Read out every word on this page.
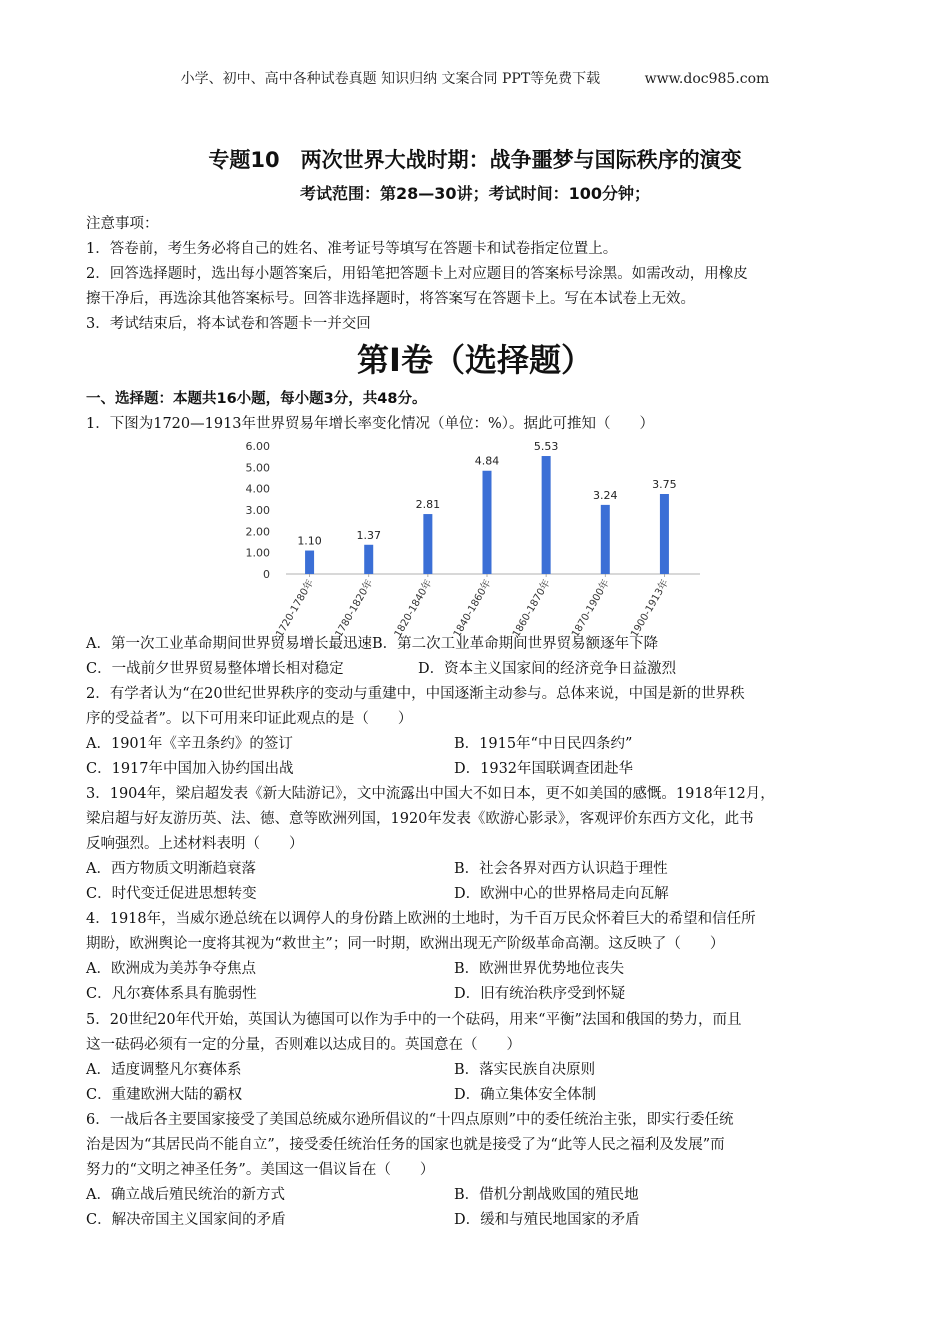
小学、初中、高中各种试卷真题 知识归纳 文案合同 PPT等免费下载	www.doc985.com
专题10　两次世界大战时期：战争噩梦与国际秩序的演变
考试范围：第28—30讲；考试时间：100分钟；
注意事项：
1．答卷前，考生务必将自己的姓名、准考证号等填写在答题卡和试卷指定位置上。
2．回答选择题时，选出每小题答案后，用铅笔把答题卡上对应题目的答案标号涂黑。如需改动，用橡皮
擦干净后，再选涂其他答案标号。回答非选择题时，将答案写在答题卡上。写在本试卷上无效。
3．考试结束后，将本试卷和答题卡一并交回
第I卷（选择题）
一、选择题：本题共16小题，每小题3分，共48分。
1．下图为1720—1913年世界贸易年增长率变化情况（单位：%）。据此可推知（　　）
0
1.00
2.00
3.00
4.00
5.00
6.00
1.10
1720-1780年
1.37
1780-1820年
2.81
1820-1840年
4.84
1840-1860年
5.53
1860-1870年
3.24
1870-1900年
3.75
1900-1913年
A．第一次工业革命期间世界贸易增长最迅速 B．第二次工业革命期间世界贸易额逐年下降
C．一战前夕世界贸易整体增长相对稳定	D．资本主义国家间的经济竞争日益激烈
2．有学者认为“在20世纪世界秩序的变动与重建中，中国逐渐主动参与。总体来说，中国是新的世界秩
序的受益者”。以下可用来印证此观点的是（　　）
A．1901年《辛丑条约》的签订	B．1915年“中日民四条约”
C．1917年中国加入协约国出战	D．1932年国联调查团赴华
3．1904年，梁启超发表《新大陆游记》，文中流露出中国大不如日本，更不如美国的感慨。1918年12月，
梁启超与好友游历英、法、德、意等欧洲列国，1920年发表《欧游心影录》，客观评价东西方文化，此书
反响强烈。上述材料表明（　　）
A．西方物质文明渐趋衰落	B．社会各界对西方认识趋于理性
C．时代变迁促进思想转变	D．欧洲中心的世界格局走向瓦解
4．1918年，当威尔逊总统在以调停人的身份踏上欧洲的土地时，为千百万民众怀着巨大的希望和信任所
期盼，欧洲舆论一度将其视为“救世主”；同一时期，欧洲出现无产阶级革命高潮。这反映了（　　）
A．欧洲成为美苏争夺焦点	B．欧洲世界优势地位丧失
C．凡尔赛体系具有脆弱性	D．旧有统治秩序受到怀疑
5．20世纪20年代开始，英国认为德国可以作为手中的一个砝码，用来“平衡”法国和俄国的势力，而且
这一砝码必须有一定的分量，否则难以达成目的。英国意在（　　）
A．适度调整凡尔赛体系	B．落实民族自决原则
C．重建欧洲大陆的霸权	D．确立集体安全体制
6．一战后各主要国家接受了美国总统威尔逊所倡议的“十四点原则”中的委任统治主张，即实行委任统
治是因为“其居民尚不能自立”，接受委任统治任务的国家也就是接受了为“此等人民之福利及发展”而
努力的“文明之神圣任务”。美国这一倡议旨在（　　）
A．确立战后殖民统治的新方式	B．借机分割战败国的殖民地
C．解决帝国主义国家间的矛盾	D．缓和与殖民地国家的矛盾
